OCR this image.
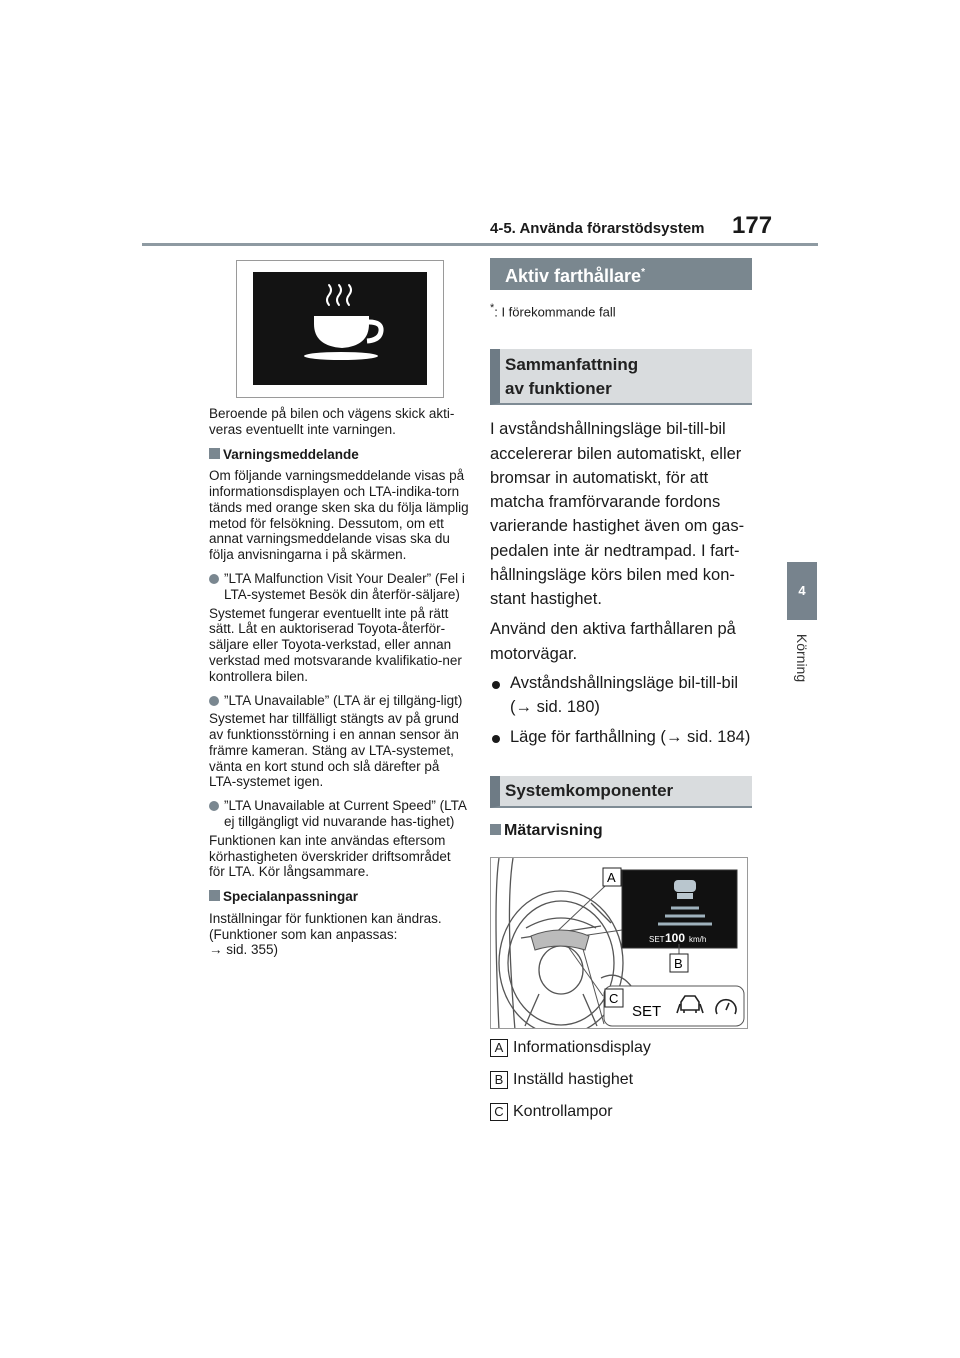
4-5. Använda förarstödsystem 177
4
Körning

Beroende på bilen och vägens skick akti-veras eventuellt inte varningen.

Varningsmeddelande

Om följande varningsmeddelande visas på informationsdisplayen och LTA-indika-torn tänds med orange sken ska du följa lämplig metod för felsökning. Dessutom, om ett annat varningsmeddelande visas ska du följa anvisningarna i på skärmen.

”LTA Malfunction Visit Your Dealer” (Fel i LTA-systemet Besök din återför-säljare)

Systemet fungerar eventuellt inte på rätt sätt. Låt en auktoriserad Toyota-återför-säljare eller Toyota-verkstad, eller annan verkstad med motsvarande kvalifikatio-ner kontrollera bilen.

”LTA Unavailable” (LTA är ej tillgäng-ligt)

Systemet har tillfälligt stängts av på grund av funktionsstörning i en annan sensor än främre kameran. Stäng av LTA-systemet, vänta en kort stund och slå därefter på LTA-systemet igen.

”LTA Unavailable at Current Speed” (LTA ej tillgängligt vid nuvarande has-tighet)

Funktionen kan inte användas eftersom körhastigheten överskrider driftsområdet för LTA. Kör långsammare.

Specialanpassningar

Inställningar för funktionen kan ändras. (Funktioner som kan anpassas:

→ sid. 355)

Aktiv farthållare*
*: I förekommande fall
Sammanfattning
av funktioner

I avståndshållningsläge bil-till-bil accelererar bilen automatiskt, eller bromsar in automatiskt, för att matcha framförvarande fordons varierande hastighet även om gas-pedalen inte är nedtrampad. I fart-hållningsläge körs bilen med kon-stant hastighet.

Använd den aktiva farthållaren på motorvägar.

Avståndshållningsläge bil-till-bil
(→ sid. 180)
Läge för farthållning (→ sid. 184)
Systemkomponenter
Mätarvisning
SET 100 km/h
A
B
C
SET
A Informationsdisplay
B Inställd hastighet
C Kontrollampor
